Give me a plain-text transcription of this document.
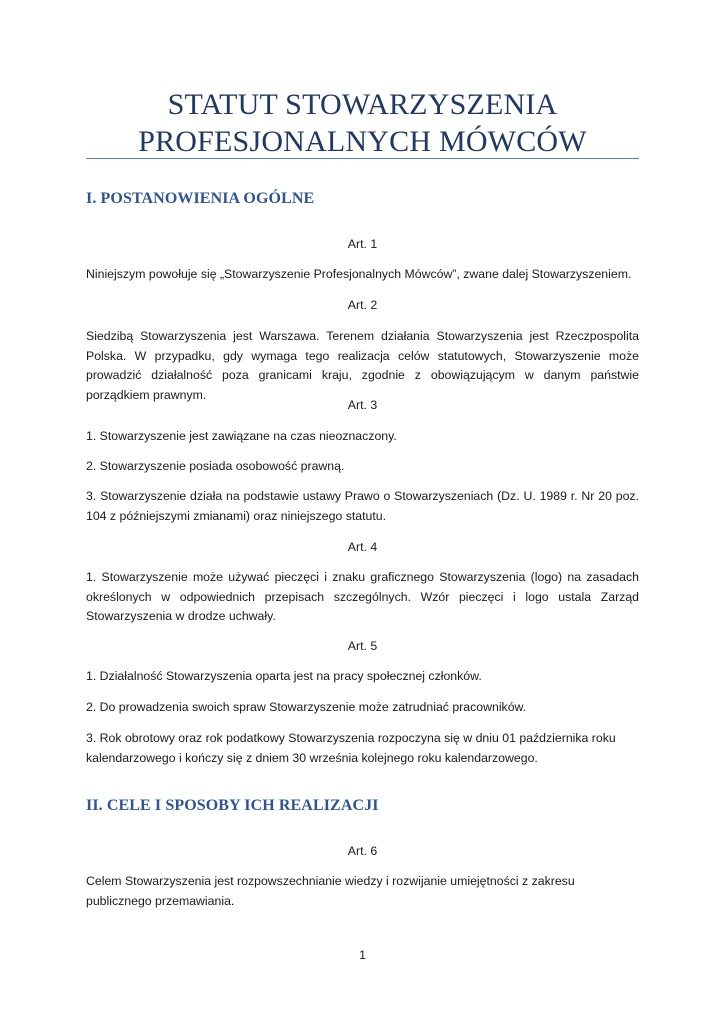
STATUT STOWARZYSZENIA
PROFESJONALNYCH MÓWCÓW
I. POSTANOWIENIA OGÓLNE
Art. 1
Niniejszym powołuje się „Stowarzyszenie Profesjonalnych Mówców”, zwane dalej Stowarzyszeniem.
Art. 2
Siedzibą Stowarzyszenia jest Warszawa. Terenem działania Stowarzyszenia jest Rzeczpospolita Polska. W przypadku, gdy wymaga tego realizacja celów statutowych, Stowarzyszenie może prowadzić działalność poza granicami kraju, zgodnie z obowiązującym w danym państwie porządkiem prawnym.
Art. 3
1. Stowarzyszenie jest zawiązane na czas nieoznaczony.
2. Stowarzyszenie posiada osobowość prawną.
3. Stowarzyszenie działa na podstawie ustawy Prawo o Stowarzyszeniach (Dz. U. 1989 r. Nr 20 poz. 104 z późniejszymi zmianami) oraz niniejszego statutu.
Art. 4
1. Stowarzyszenie może używać pieczęci i znaku graficznego Stowarzyszenia (logo) na zasadach określonych w odpowiednich przepisach szczególnych. Wzór pieczęci i logo ustala Zarząd Stowarzyszenia w drodze uchwały.
Art. 5
1. Działalność Stowarzyszenia oparta jest na pracy społecznej członków.
2. Do prowadzenia swoich spraw Stowarzyszenie może zatrudniać pracowników.
3. Rok obrotowy oraz rok podatkowy Stowarzyszenia rozpoczyna się w dniu 01 października roku kalendarzowego i kończy się z dniem 30 września kolejnego roku kalendarzowego.
II. CELE I SPOSOBY ICH REALIZACJI
Art. 6
Celem Stowarzyszenia jest rozpowszechnianie wiedzy i rozwijanie umiejętności z zakresu publicznego przemawiania.
1
